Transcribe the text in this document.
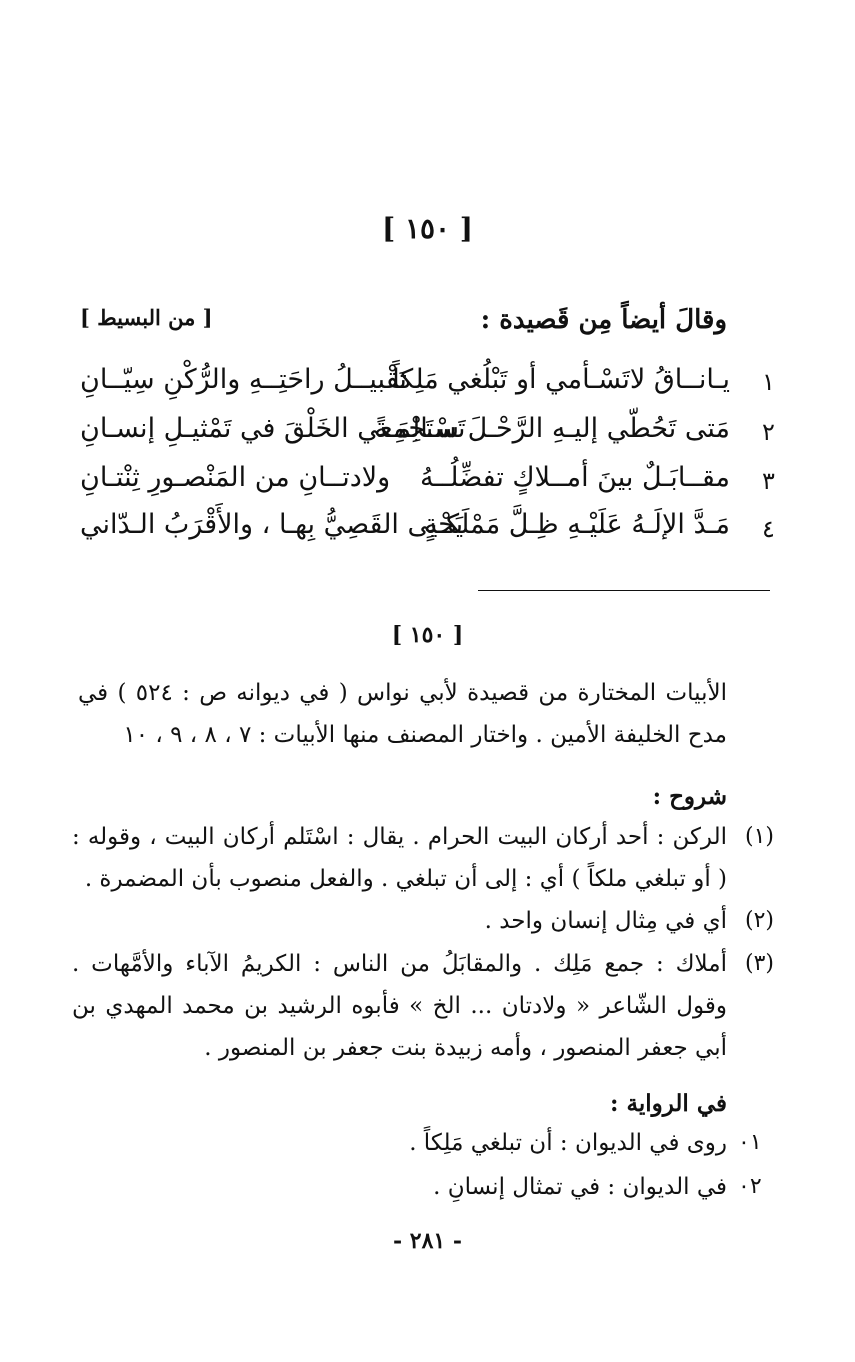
[ ١٥٠ ]
وقالَ أيضاً مِن قَصيدة :
[ من البسيط ]
١
يـانــاقُ لاتَسْـأمي أو تَبْلُغي مَلِكاً
تَقْبيــلُ راحَتِــهِ والرُّكْنِ سِيّــانِ
٢
مَتى تَحُطّي إليـهِ الرَّحْـلَ سـالِمَـةً
تَسْتَجْمِعي الخَلْقَ في تَمْثيـلِ إنسـانِ
٣
مقــابَـلٌ بينَ أمــلاكٍ تفضِّلُــهُ
ولادتــانِ من المَنْصـورِ ثِنْتـانِ
٤
مَـدَّ الإلَـهُ عَلَيْـهِ ظِـلَّ مَمْلَكـةٍ
يَحْيى القَصِيُّ بِهـا ، والأَقْرَبُ الـدّاني
[ ١٥٠ ]
الأبيات المختارة من قصيدة لأبي نواس ( في ديوانه ص : ٥٢٤ ) في مدح الخليفة الأمين . واختار المصنف منها الأبيات : ٧ ، ٨ ، ٩ ، ١٠
شروح :
(١)
الركن : أحد أركان البيت الحرام . يقال : اسْتَلم أركان البيت ، وقوله : ( أو تبلغي ملكاً ) أي : إلى أن تبلغي . والفعل منصوب بأن المضمرة .
(٢)
أي في مِثال إنسان واحد .
(٣)
أملاك : جمع مَلِك . والمقابَلُ من الناس : الكريمُ الآباء والأمَّهات . وقول الشّاعر « ولادتان ... الخ » فأبوه الرشيد بن محمد المهدي بن أبي جعفر المنصور ، وأمه زبيدة بنت جعفر بن المنصور .
في الرواية :
٠١
روى في الديوان : أن تبلغي مَلِكاً .
٠٢
في الديوان : في تمثال إنسانِ .
- ٢٨١ -
